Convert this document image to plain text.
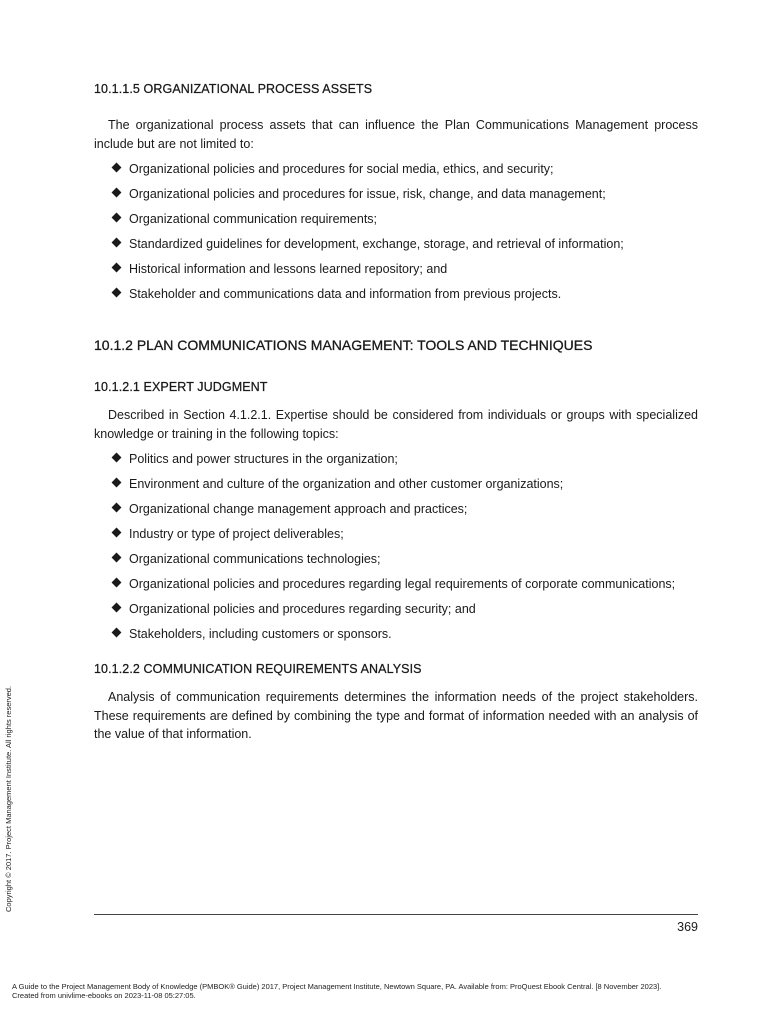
10.1.1.5 ORGANIZATIONAL PROCESS ASSETS

The organizational process assets that can influence the Plan Communications Management process include but are not limited to:

Organizational policies and procedures for social media, ethics, and security;
Organizational policies and procedures for issue, risk, change, and data management;
Organizational communication requirements;
Standardized guidelines for development, exchange, storage, and retrieval of information;
Historical information and lessons learned repository; and
Stakeholder and communications data and information from previous projects.
10.1.2 PLAN COMMUNICATIONS MANAGEMENT: TOOLS AND TECHNIQUES
10.1.2.1 EXPERT JUDGMENT

Described in Section 4.1.2.1. Expertise should be considered from individuals or groups with specialized knowledge or training in the following topics:

Politics and power structures in the organization;
Environment and culture of the organization and other customer organizations;
Organizational change management approach and practices;
Industry or type of project deliverables;
Organizational communications technologies;
Organizational policies and procedures regarding legal requirements of corporate communications;
Organizational policies and procedures regarding security; and
Stakeholders, including customers or sponsors.
10.1.2.2 COMMUNICATION REQUIREMENTS ANALYSIS

Analysis of communication requirements determines the information needs of the project stakeholders. These requirements are defined by combining the type and format of information needed with an analysis of the value of that information.

Copyright © 2017. Project Management Institute. All rights reserved.
369
A Guide to the Project Management Body of Knowledge (PMBOK® Guide) 2017, Project Management Institute, Newtown Square, PA. Available from: ProQuest Ebook Central. [8 November 2023].
Created from univlime-ebooks on 2023-11-08 05:27:05.
